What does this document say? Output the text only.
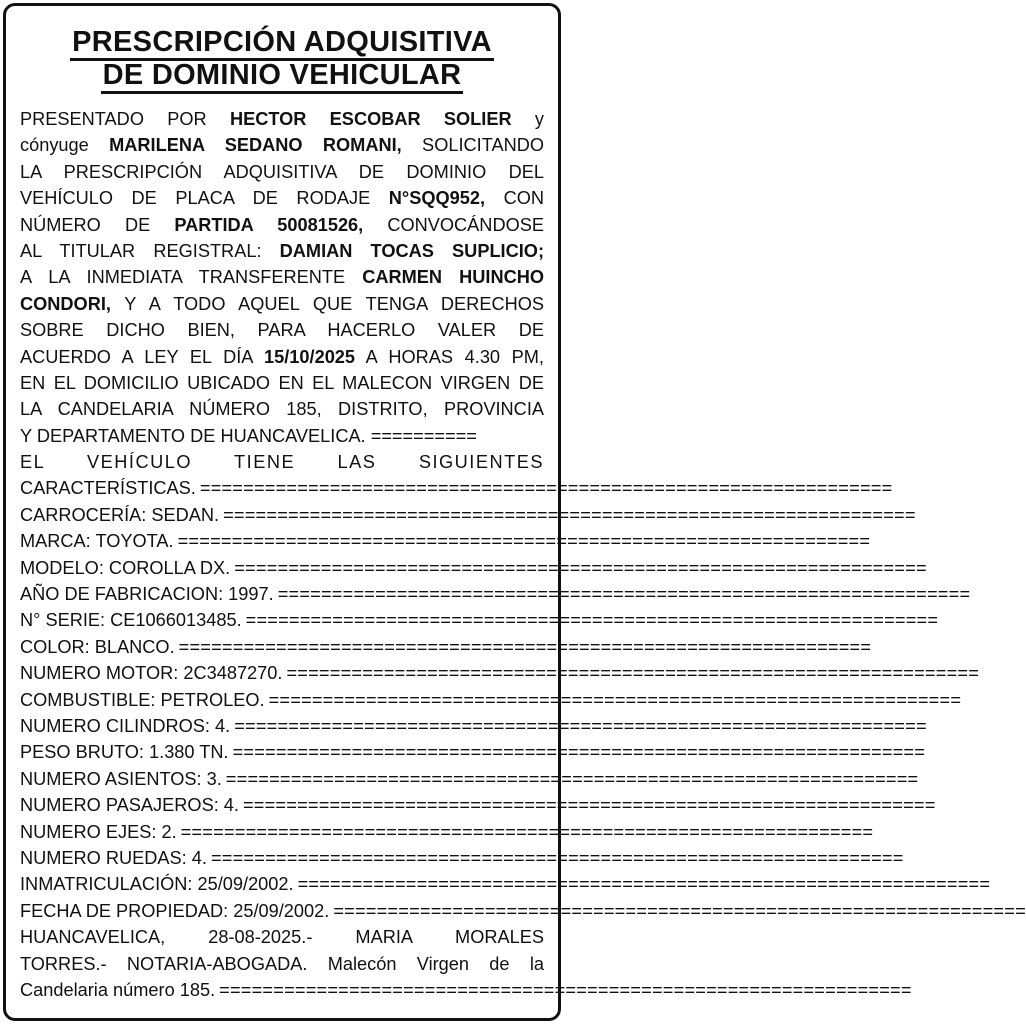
PRESCRIPCIÓN ADQUISITIVA
DE DOMINIO VEHICULAR
PRESENTADO POR HECTOR ESCOBAR SOLIER y
cónyuge MARILENA SEDANO ROMANI, SOLICITANDO
LA PRESCRIPCIÓN ADQUISITIVA DE DOMINIO DEL
VEHÍCULO DE PLACA DE RODAJE N°SQQ952, CON
NÚMERO DE PARTIDA 50081526, CONVOCÁNDOSE
AL TITULAR REGISTRAL: DAMIAN TOCAS SUPLICIO;
A LA INMEDIATA TRANSFERENTE CARMEN HUINCHO
CONDORI, Y A TODO AQUEL QUE TENGA DERECHOS
SOBRE DICHO BIEN, PARA HACERLO VALER DE
ACUERDO A LEY EL DÍA 15/10/2025 A HORAS 4.30 PM,
EN EL DOMICILIO UBICADO EN EL MALECON VIRGEN DE
LA CANDELARIA NÚMERO 185, DISTRITO, PROVINCIA
Y DEPARTAMENTO DE HUANCAVELICA. ==========
EL VEHÍCULO TIENE LAS SIGUIENTES
CARACTERÍSTICAS. ================================================================
CARROCERÍA: SEDAN. ================================================================
MARCA: TOYOTA. ================================================================
MODELO: COROLLA DX. ================================================================
AÑO DE FABRICACION: 1997. ================================================================
N° SERIE: CE1066013485. ================================================================
COLOR: BLANCO. ================================================================
NUMERO MOTOR: 2C3487270. ================================================================
COMBUSTIBLE: PETROLEO. ================================================================
NUMERO CILINDROS: 4. ================================================================
PESO BRUTO: 1.380 TN. ================================================================
NUMERO ASIENTOS: 3. ================================================================
NUMERO PASAJEROS: 4. ================================================================
NUMERO EJES: 2. ================================================================
NUMERO RUEDAS: 4. ================================================================
INMATRICULACIÓN: 25/09/2002. ================================================================
FECHA DE PROPIEDAD: 25/09/2002. ================================================================
HUANCAVELICA, 28-08-2025.- MARIA MORALES
TORRES.- NOTARIA-ABOGADA. Malecón Virgen de la
Candelaria número 185. ================================================================
